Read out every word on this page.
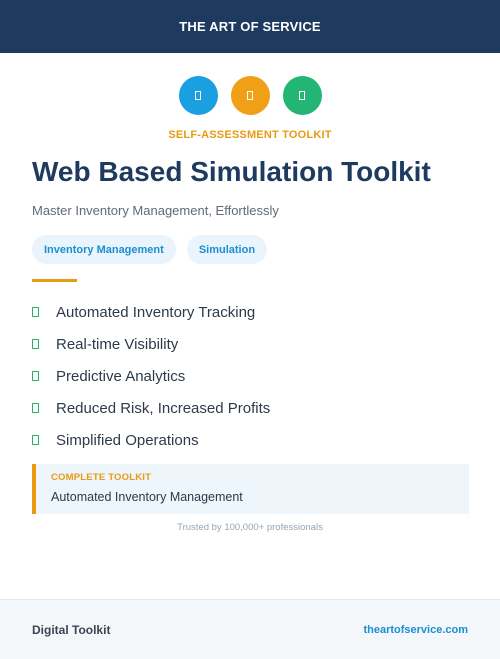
THE ART OF SERVICE
SELF-ASSESSMENT TOOLKIT
Web Based Simulation Toolkit
Master Inventory Management, Effortlessly
Inventory Management	Simulation
Automated Inventory Tracking
Real-time Visibility
Predictive Analytics
Reduced Risk, Increased Profits
Simplified Operations
COMPLETE TOOLKIT
Automated Inventory Management
Trusted by 100,000+ professionals
Digital Toolkit	theartofservice.com
